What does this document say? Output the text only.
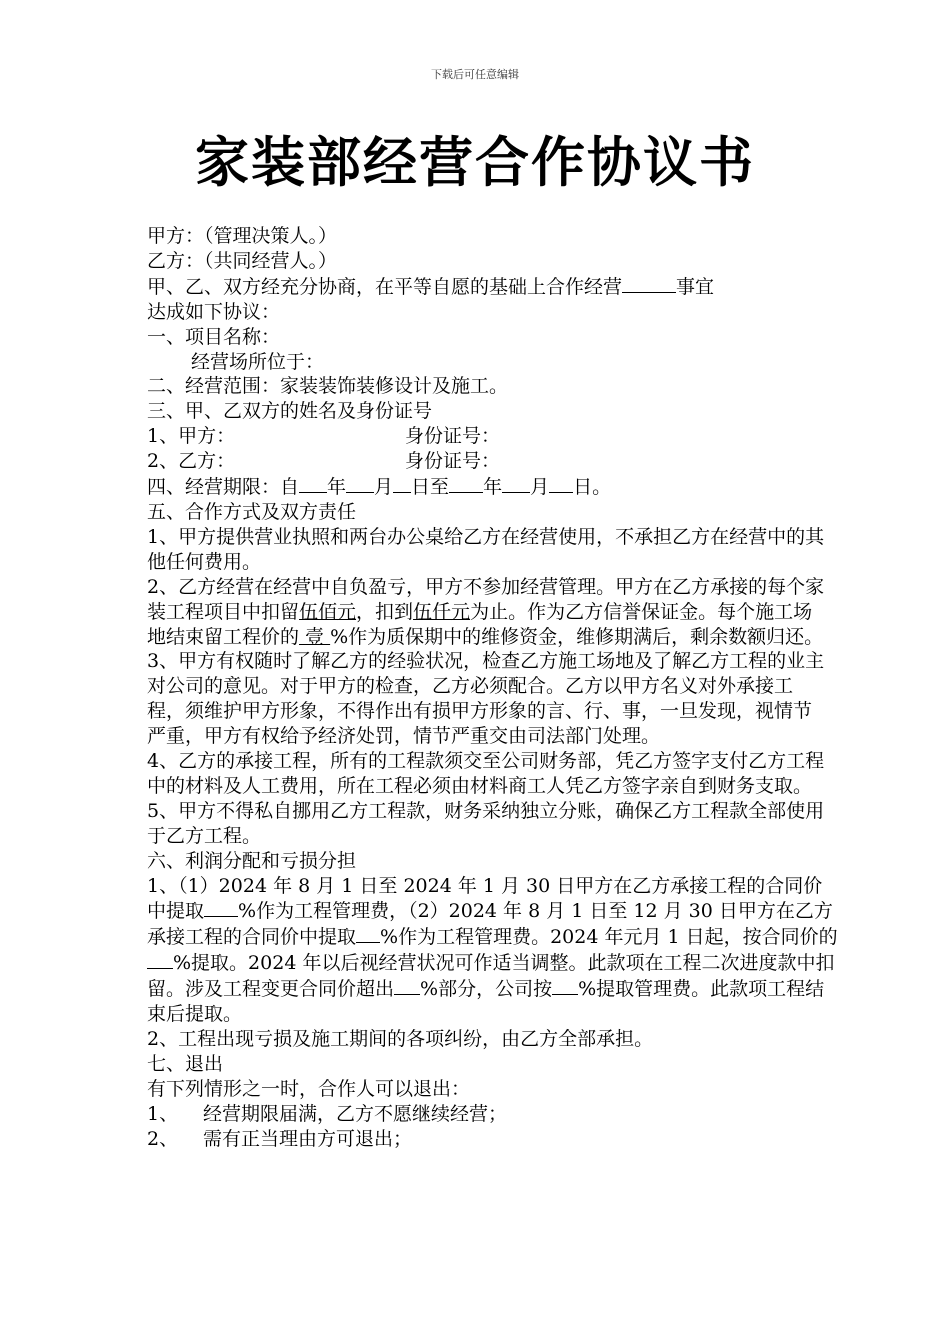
下载后可任意编辑
家装部经营合作协议书

甲方：（管理决策人。）

乙方：（共同经营人。）

甲、乙、双方经充分协商，在平等自愿的基础上合作经营	事宜
达成如下协议：

一、项目名称：

经营场所位于：

二、经营范围：家装装饰装修设计及施工。

三、甲、乙双方的姓名及身份证号

1、甲方：	身份证号：

2、乙方：	身份证号：

四、经营期限：自 年 月 日至 年 月 日。

五、合作方式及双方责任

1、甲方提供营业执照和两台办公桌给乙方在经营使用，不承担乙方在经营中的其他任何费用。

2、乙方经营在经营中自负盈亏，甲方不参加经营管理。甲方在乙方承接的每个家装工程项目中扣留伍佰元，扣到伍仟元为止。作为乙方信誉保证金。每个施工场地结束留工程价的 壹 %作为质保期中的维修资金，维修期满后，剩余数额归还。

3、甲方有权随时了解乙方的经验状况，检查乙方施工场地及了解乙方工程的业主对公司的意见。对于甲方的检查，乙方必须配合。乙方以甲方名义对外承接工程，须维护甲方形象，不得作出有损甲方形象的言、行、事，一旦发现，视情节严重，甲方有权给予经济处罚，情节严重交由司法部门处理。

4、乙方的承接工程，所有的工程款须交至公司财务部，凭乙方签字支付乙方工程中的材料及人工费用，所在工程必须由材料商工人凭乙方签字亲自到财务支取。

5、甲方不得私自挪用乙方工程款，财务采纳独立分账，确保乙方工程款全部使用于乙方工程。

六、利润分配和亏损分担

1、（1）2024 年 8 月 1 日至 2024 年 1 月 30 日甲方在乙方承接工程的合同价中提取 %作为工程管理费，（2）2024 年 8 月 1 日至 12 月 30 日甲方在乙方承接工程的合同价中提取 %作为工程管理费。2024 年元月 1 日起，按合同价的%提取。2024 年以后视经营状况可作适当调整。此款项在工程二次进度款中扣留。涉及工程变更合同价超出 %部分，公司按 %提取管理费。此款项工程结束后提取。

2、工程出现亏损及施工期间的各项纠纷，由乙方全部承担。

七、退出

有下列情形之一时，合作人可以退出：

1、 经营期限届满，乙方不愿继续经营；

2、 需有正当理由方可退出；
